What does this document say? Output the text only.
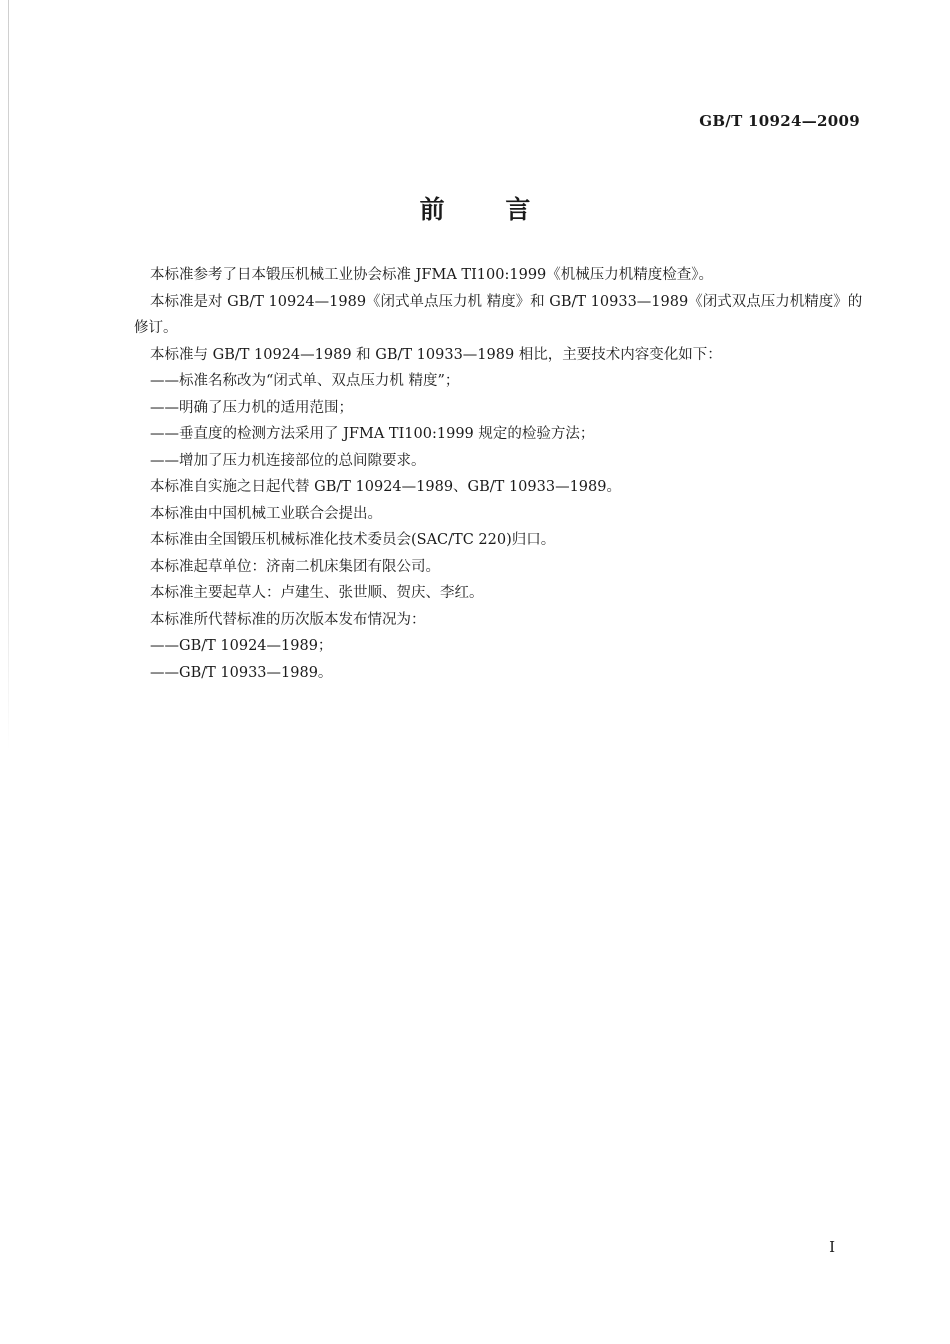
GB/T 10924—2009
前 言

本标准参考了日本锻压机械工业协会标准 JFMA TⅠ100:1999《机械压力机精度检查》。

本标准是对 GB/T 10924—1989《闭式单点压力机 精度》和 GB/T 10933—1989《闭式双点压力机精度》的修订。

本标准与 GB/T 10924—1989 和 GB/T 10933—1989 相比，主要技术内容变化如下：

——标准名称改为“闭式单、双点压力机 精度”；

——明确了压力机的适用范围；

——垂直度的检测方法采用了 JFMA TⅠ100:1999 规定的检验方法；

——增加了压力机连接部位的总间隙要求。

本标准自实施之日起代替 GB/T 10924—1989、GB/T 10933—1989。

本标准由中国机械工业联合会提出。

本标准由全国锻压机械标准化技术委员会(SAC/TC 220)归口。

本标准起草单位：济南二机床集团有限公司。

本标准主要起草人：卢建生、张世顺、贺庆、李红。

本标准所代替标准的历次版本发布情况为：

——GB/T 10924—1989；

——GB/T 10933—1989。

I
